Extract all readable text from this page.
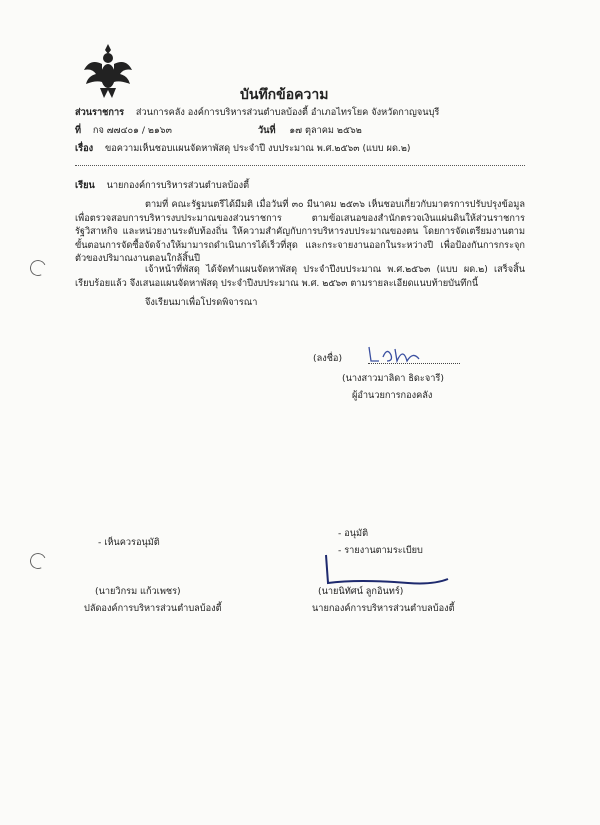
บันทึกข้อความ
ส่วนราชการ ส่วนการคลัง องค์การบริหารส่วนตำบลบ้องตี้ อำเภอไทรโยค จังหวัดกาญจนบุรี
ที่ กจ ๗๗๔๐๑ / ๒๑๖๓	วันที่ ๑๗ ตุลาคม ๒๕๖๒
เรื่อง ขอความเห็นชอบแผนจัดหาพัสดุ ประจำปี งบประมาณ พ.ศ.๒๕๖๓ (แบบ ผด.๒)
เรียน นายกองค์การบริหารส่วนตำบลบ้องตี้
ตามที่ คณะรัฐมนตรีได้มีมติ เมื่อวันที่ ๓๐ มีนาคม ๒๕๓๖ เห็นชอบเกี่ยวกับมาตรการปรับปรุงข้อมูล เพื่อตรวจสอบการบริหารงบประมาณของส่วนราชการ ตามข้อเสนอของสำนักตรวจเงินแผ่นดินให้ส่วนราชการ รัฐวิสาหกิจ และหน่วยงานระดับท้องถิ่น ให้ความสำคัญกับการบริหารงบประมาณของตน โดยการจัดเตรียมงานตามขั้นตอนการจัดซื้อจัดจ้างให้มามารถดำเนินการได้เร็วที่สุด และกระจายงานออกในระหว่างปี เพื่อป้องกันการกระจุกตัวของปริมาณงานตอนใกล้สิ้นปี
เจ้าหน้าที่พัสดุ ได้จัดทำแผนจัดหาพัสดุ ประจำปีงบประมาณ พ.ศ.๒๕๖๓ (แบบ ผด.๒) เสร็จสิ้นเรียบร้อยแล้ว จึงเสนอแผนจัดหาพัสดุ ประจำปีงบประมาณ พ.ศ. ๒๕๖๓ ตามรายละเอียดแนบท้ายบันทึกนี้
จึงเรียนมาเพื่อโปรดพิจารณา
(ลงชื่อ)
(นางสาวมาลิดา ธิดะจารี)
ผู้อำนวยการกองคลัง
- อนุมัติ
- เห็นควรอนุมัติ
- รายงานตามระเบียบ
(นายวิกรม แก้วเพชร)	(นายนิทัศน์ ลูกอินทร์)
ปลัดองค์การบริหารส่วนตำบลบ้องตี้	นายกองค์การบริหารส่วนตำบลบ้องตี้
